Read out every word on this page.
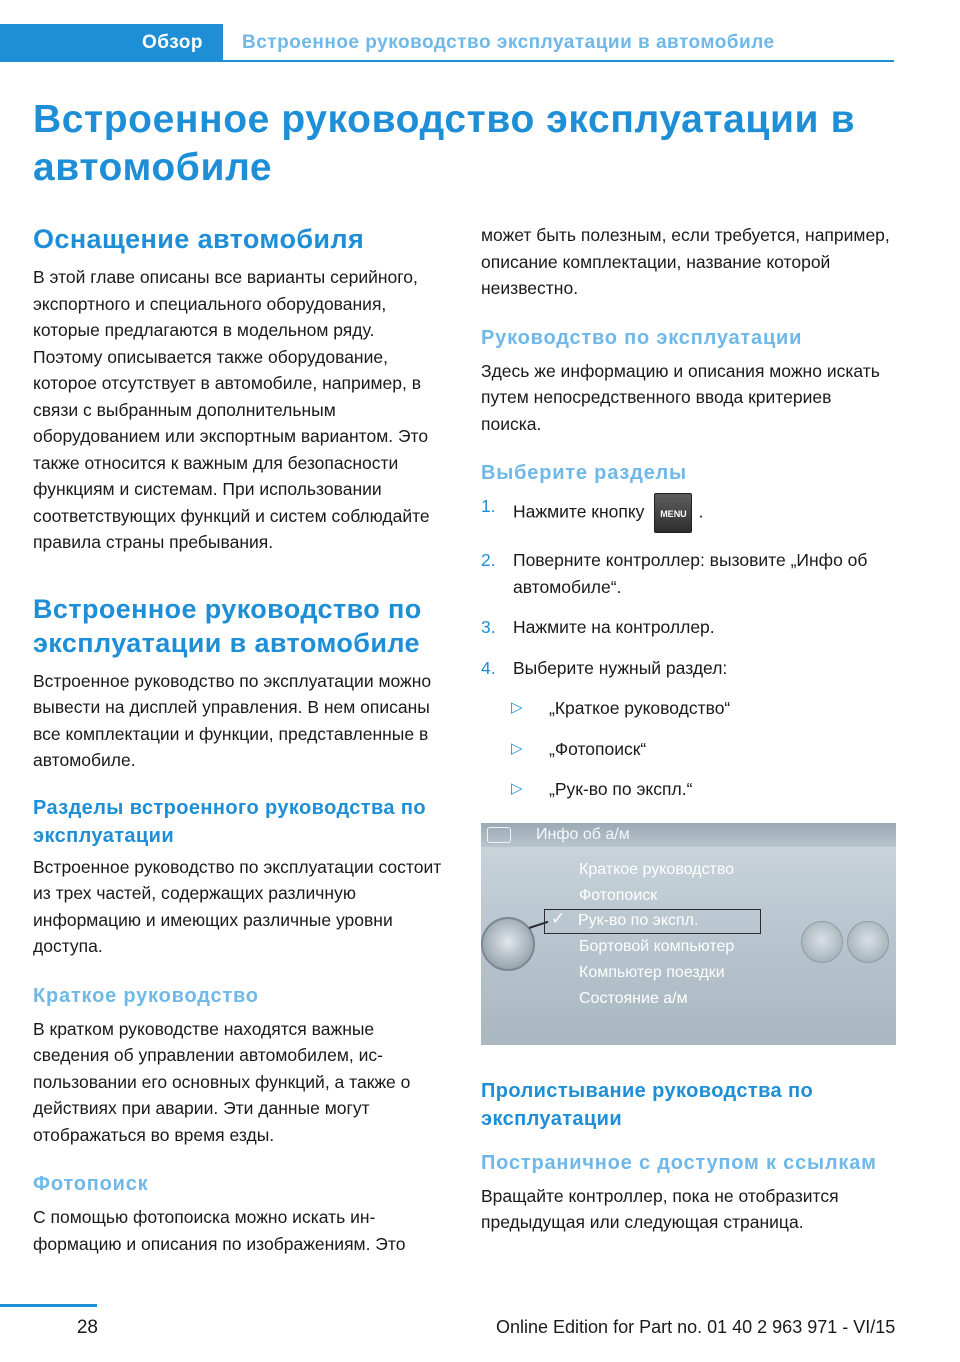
Обзор	Встроенное руководство эксплуатации в автомобиле
Встроенное руководство эксплуатации в автомобиле
Оснащение автомобиля

В этой главе описаны все варианты серийного, экспортного и специального оборудования, которые предлагаются в модельном ряду. Поэтому описывается также оборудование, которое отсутствует в автомобиле, например, в связи с выбранным дополнительным оборудованием или экспортным вариантом. Это также относится к важным для безопасности функциям и системам. При использовании соответствующих функций и систем соблюдайте правила страны пребывания.

Встроенное руководство по эксплуатации в автомобиле

Встроенное руководство по эксплуатации можно вывести на дисплей управления. В нем описаны все комплектации и функции, представленные в автомобиле.

Разделы встроенного руководства по эксплуатации

Встроенное руководство по эксплуатации состоит из трех частей, содержащих различную информацию и имеющих различные уровни доступа.

Краткое руководство

В кратком руководстве находятся важные сведения об управлении автомобилем, использовании его основных функций, а также о действиях при аварии. Эти данные могут отображаться во время езды.

Фотопоиск

С помощью фотопоиска можно искать информацию и описания по изображениям. Это

может быть полезным, если требуется, например, описание комплектации, название которой неизвестно.

Руководство по эксплуатации

Здесь же информацию и описания можно искать путем непосредственного ввода критериев поиска.

Выберите разделы
1. Нажмите кнопку MENU .
2. Поверните контроллер: вызовите „Инфо об автомобиле“.
3. Нажмите на контроллер.
4. Выберите нужный раздел:
▷ „Краткое руководство“
▷ „Фотопоиск“
▷ „Рук-во по экспл.“
Инфо об а/м
Краткое руководство
Фотопоиск
Рук-во по экспл.
Бортовой компьютер
Компьютер поездки
Состояние а/м
✓
Пролистывание руководства по эксплуатации
Постраничное с доступом к ссылкам

Вращайте контроллер, пока не отобразится предыдущая или следующая страница.

28	Online Edition for Part no. 01 40 2 963 971 - VI/15
